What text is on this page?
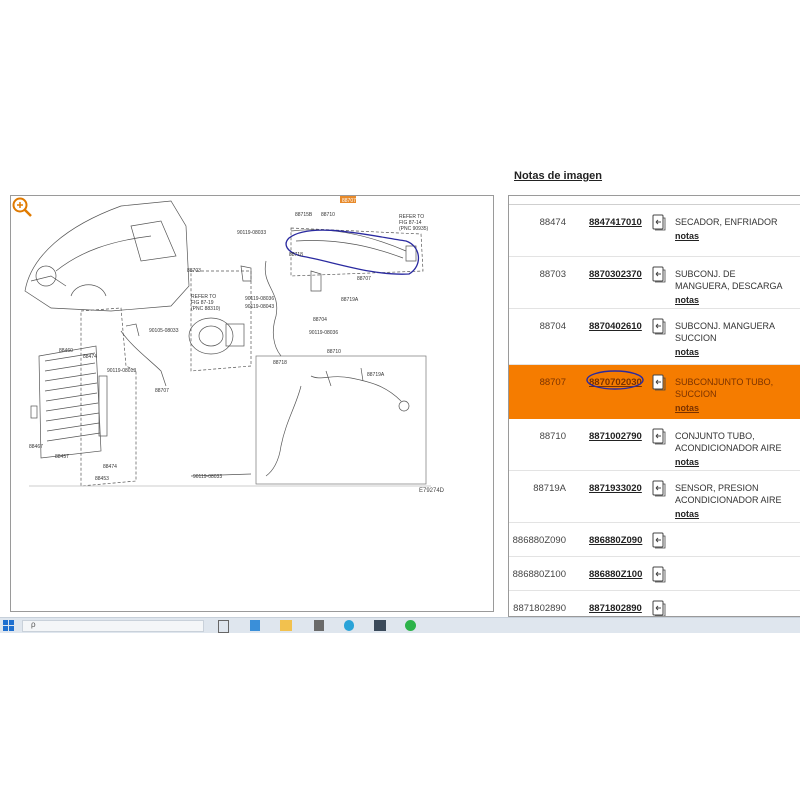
Notas de imagen
88707
88715B 88710
88718
88707
REFER TO
FIG 87-14
(PNC 90935)
90119-08033
88719A
88703
88704
REFER TO
FIG 87-19
(PNC 88310)
90119-08036
90119-08043
88474
88460
88467
88457
88474
88453
90105-08033
90119-08013
90119-08036
88718
88719A
90119-08033
88707
88710
E79274D
88474 8847417010	SECADOR, ENFRIADOR
notas
88703 8870302370	SUBCONJ. DE
MANGUERA, DESCARGA
notas
88704 8870402610	SUBCONJ. MANGUERA
SUCCION
notas
88707 8870702030	SUBCONJUNTO TUBO,
SUCCION
notas
88710 8871002790	CONJUNTO TUBO,
ACONDICIONADOR AIRE
notas
88719A 8871933020	SENSOR, PRESION
ACONDICIONADOR AIRE
notas
886880Z090 886880Z090
886880Z100 886880Z100
8871802890 8871802890
ρ
